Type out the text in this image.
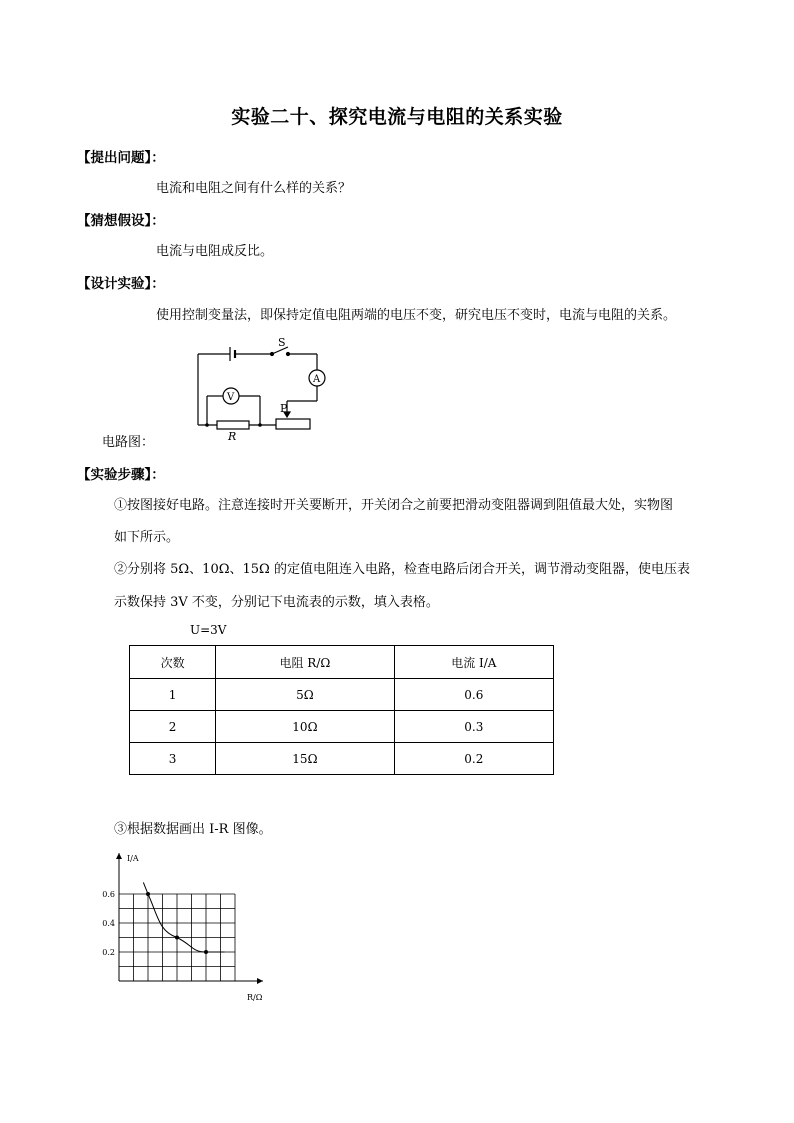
实验二十、探究电流与电阻的关系实验
【提出问题】：
电流和电阻之间有什么样的关系？
【猜想假设】：
电流与电阻成反比。
【设计实验】：
使用控制变量法，即保持定值电阻两端的电压不变，研究电压不变时，电流与电阻的关系。
S
A
V
P
R
电路图：
【实验步骤】：
①按图接好电路。注意连接时开关要断开，开关闭合之前要把滑动变阻器调到阻值最大处，实物图
如下所示。
②分别将 5Ω、10Ω、15Ω 的定值电阻连入电路，检查电路后闭合开关，调节滑动变阻器，使电压表
示数保持 3V 不变，分别记下电流表的示数，填入表格。
U=3V
次数	电阻 R/Ω	电流 I/A
1	5Ω	0.6
2	10Ω	0.3
3	15Ω	0.2
③根据数据画出 I-R 图像。
I/A
R/Ω
0.6
0.4
0.2
